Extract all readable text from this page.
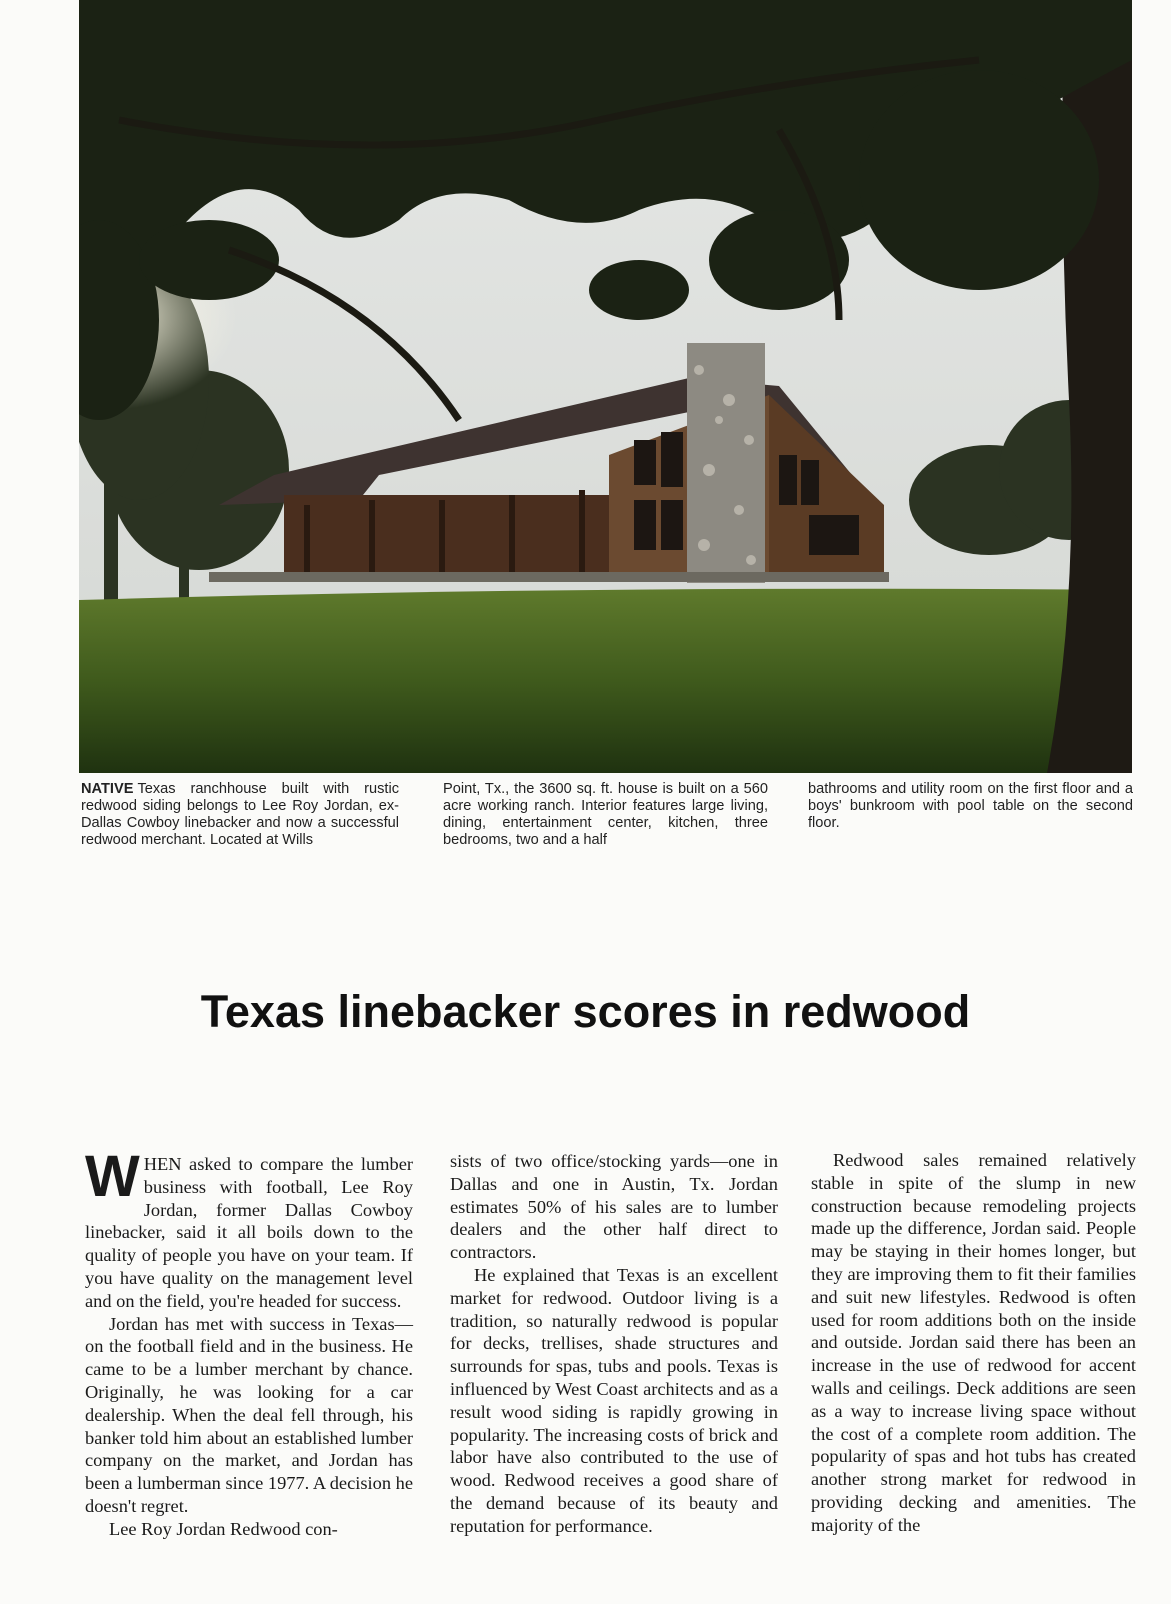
NATIVE Texas ranchhouse built with rustic redwood siding belongs to Lee Roy Jordan, ex-Dallas Cowboy linebacker and now a successful redwood merchant. Located at Wills
Point, Tx., the 3600 sq. ft. house is built on a 560 acre working ranch. Interior features large living, dining, entertainment center, kitchen, three bedrooms, two and a half
bathrooms and utility room on the first floor and a boys' bunkroom with pool table on the second floor.
Texas linebacker scores in redwood

WHEN asked to compare the lumber business with football, Lee Roy Jordan, former Dallas Cowboy linebacker, said it all boils down to the quality of people you have on your team. If you have quality on the management level and on the field, you're headed for success.

Jordan has met with success in Texas—on the football field and in the business. He came to be a lumber merchant by chance. Originally, he was looking for a car dealership. When the deal fell through, his banker told him about an established lumber company on the market, and Jordan has been a lumberman since 1977. A decision he doesn't regret.

Lee Roy Jordan Redwood con-

sists of two office/stocking yards—one in Dallas and one in Austin, Tx. Jordan estimates 50% of his sales are to lumber dealers and the other half direct to contractors.

He explained that Texas is an excellent market for redwood. Outdoor living is a tradition, so naturally redwood is popular for decks, trellises, shade structures and surrounds for spas, tubs and pools. Texas is influenced by West Coast architects and as a result wood siding is rapidly growing in popularity. The increasing costs of brick and labor have also contributed to the use of wood. Redwood receives a good share of the demand because of its beauty and reputation for performance.

Redwood sales remained relatively stable in spite of the slump in new construction because remodeling projects made up the difference, Jordan said. People may be staying in their homes longer, but they are improving them to fit their families and suit new lifestyles. Redwood is often used for room additions both on the inside and outside. Jordan said there has been an increase in the use of redwood for accent walls and ceilings. Deck additions are seen as a way to increase living space without the cost of a complete room addition. The popularity of spas and hot tubs has created another strong market for redwood in providing decking and amenities. The majority of the
